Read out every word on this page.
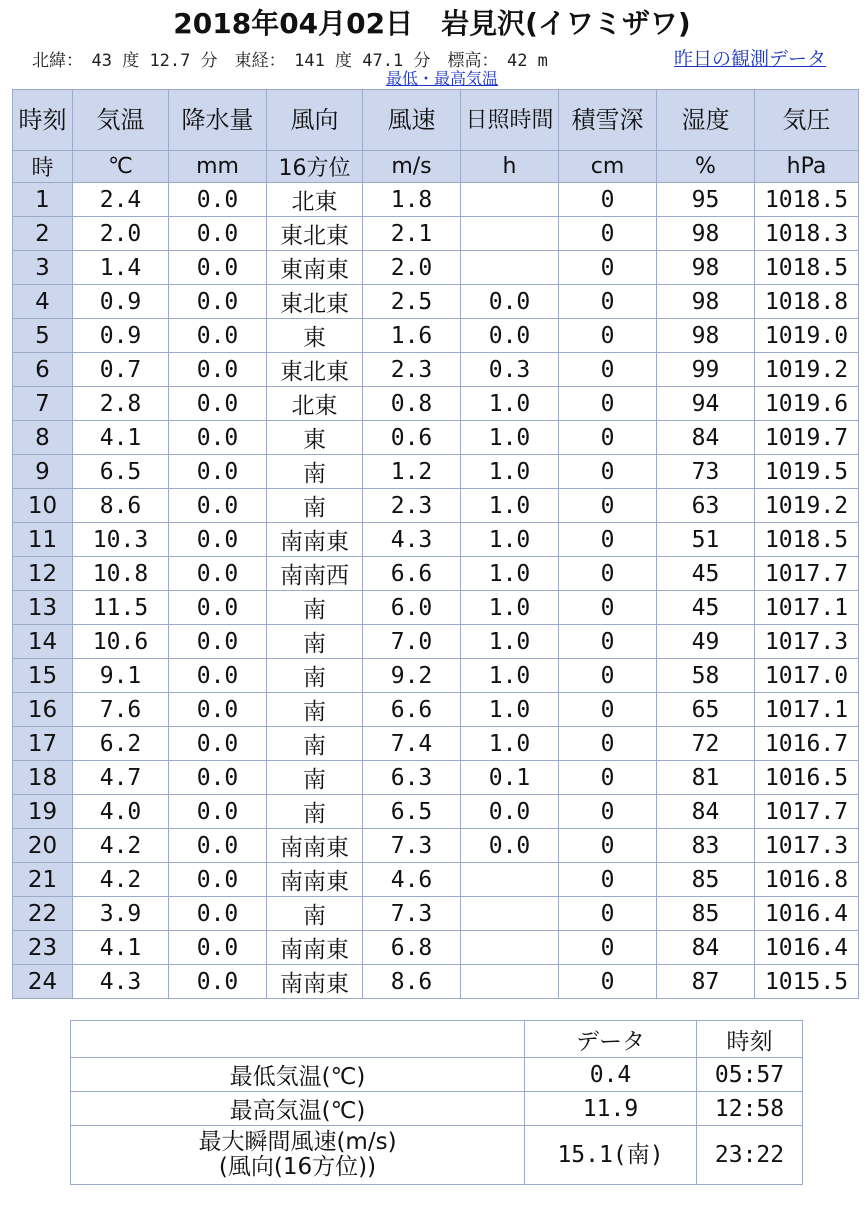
2018年04月02日　岩見沢(イワミザワ)
北緯：　43 度 12.7 分　東経：　141 度 47.1 分　標高：　42 m	昨日の観測データ
最低・最高気温
時刻	気温	降水量	風向	風速	日照時間	積雪深	湿度	気圧
時	℃	mm	16方位	m/s	h	cm	%	hPa
1	2.4	0.0	北東	1.8		0	95	1018.5
2	2.0	0.0	東北東	2.1		0	98	1018.3
3	1.4	0.0	東南東	2.0		0	98	1018.5
4	0.9	0.0	東北東	2.5	0.0	0	98	1018.8
5	0.9	0.0	東	1.6	0.0	0	98	1019.0
6	0.7	0.0	東北東	2.3	0.3	0	99	1019.2
7	2.8	0.0	北東	0.8	1.0	0	94	1019.6
8	4.1	0.0	東	0.6	1.0	0	84	1019.7
9	6.5	0.0	南	1.2	1.0	0	73	1019.5
10	8.6	0.0	南	2.3	1.0	0	63	1019.2
11	10.3	0.0	南南東	4.3	1.0	0	51	1018.5
12	10.8	0.0	南南西	6.6	1.0	0	45	1017.7
13	11.5	0.0	南	6.0	1.0	0	45	1017.1
14	10.6	0.0	南	7.0	1.0	0	49	1017.3
15	9.1	0.0	南	9.2	1.0	0	58	1017.0
16	7.6	0.0	南	6.6	1.0	0	65	1017.1
17	6.2	0.0	南	7.4	1.0	0	72	1016.7
18	4.7	0.0	南	6.3	0.1	0	81	1016.5
19	4.0	0.0	南	6.5	0.0	0	84	1017.7
20	4.2	0.0	南南東	7.3	0.0	0	83	1017.3
21	4.2	0.0	南南東	4.6		0	85	1016.8
22	3.9	0.0	南	7.3		0	85	1016.4
23	4.1	0.0	南南東	6.8		0	84	1016.4
24	4.3	0.0	南南東	8.6		0	87	1015.5
	データ	時刻
最低気温(℃)	0.4	05:57
最高気温(℃)	11.9	12:58
最大瞬間風速(m/s)
(風向(16方位))	15.1(南)	23:22
